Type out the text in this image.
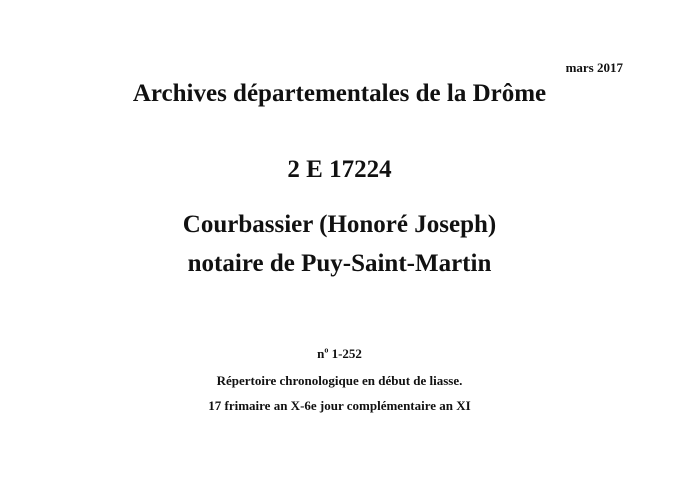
mars 2017
Archives départementales de la Drôme
2 E 17224
Courbassier (Honoré Joseph)
notaire de Puy-Saint-Martin
$n^o$ 1-252
Répertoire chronologique en début de liasse.
17 frimaire an X-6e jour complémentaire an XI
